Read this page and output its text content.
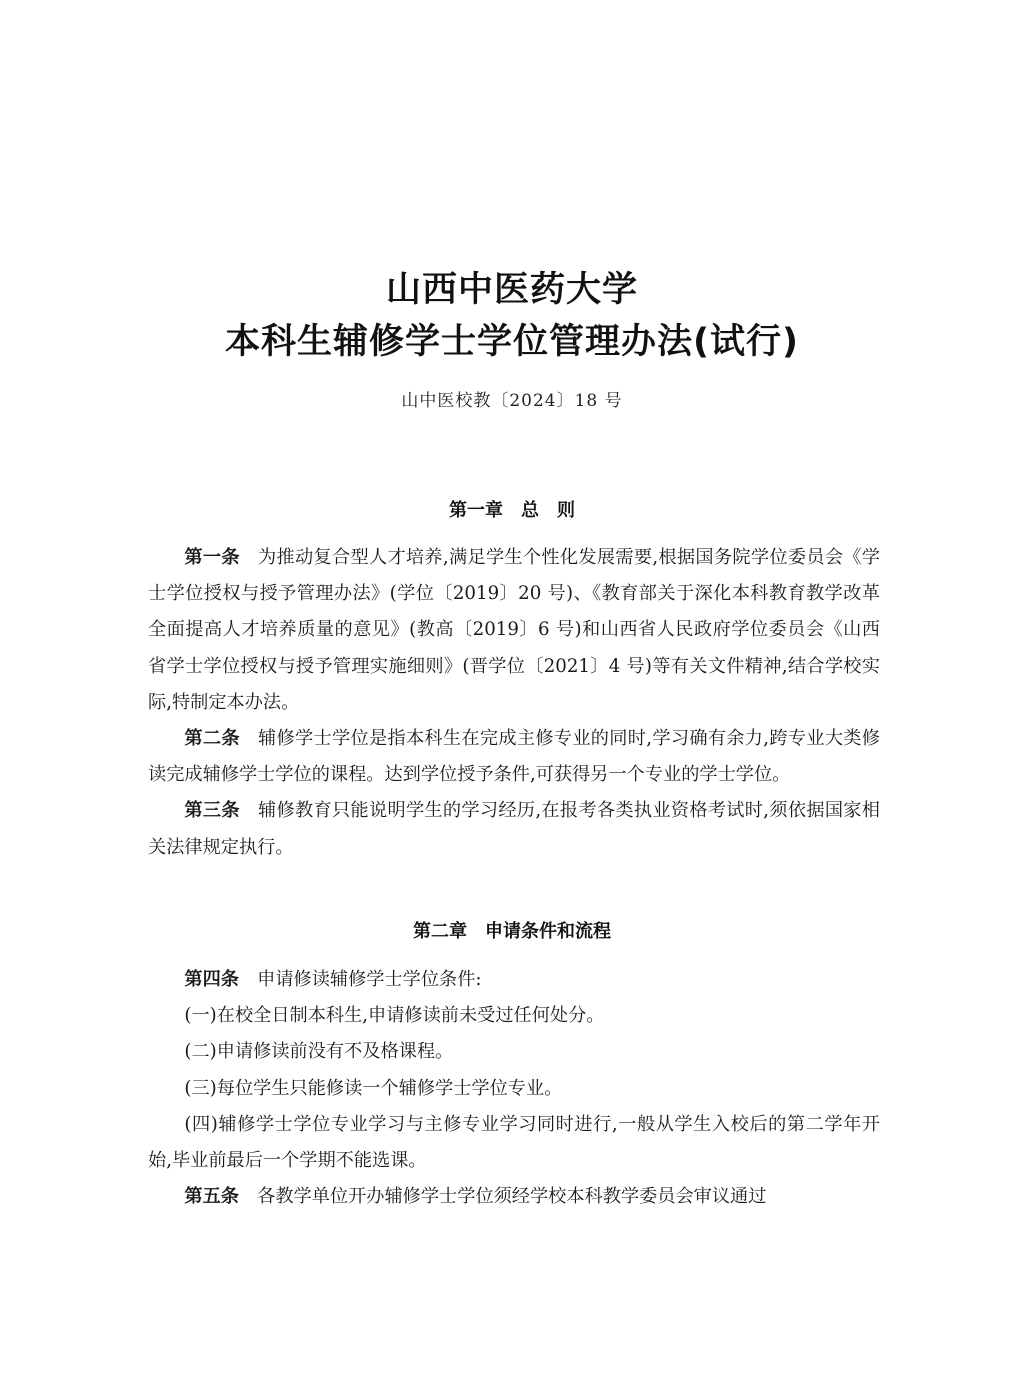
山西中医药大学
本科生辅修学士学位管理办法(试行)
山中医校教〔2024〕18 号
第一章　总　则

第一条 为推动复合型人才培养,满足学生个性化发展需要,根据国务院学位委员会《学士学位授权与授予管理办法》(学位〔2019〕20 号)、《教育部关于深化本科教育教学改革全面提高人才培养质量的意见》(教高〔2019〕6 号)和山西省人民政府学位委员会《山西省学士学位授权与授予管理实施细则》(晋学位〔2021〕4 号)等有关文件精神,结合学校实际,特制定本办法。

第二条 辅修学士学位是指本科生在完成主修专业的同时,学习确有余力,跨专业大类修读完成辅修学士学位的课程。达到学位授予条件,可获得另一个专业的学士学位。

第三条 辅修教育只能说明学生的学习经历,在报考各类执业资格考试时,须依据国家相关法律规定执行。

第二章　申请条件和流程

第四条 申请修读辅修学士学位条件:

(一)在校全日制本科生,申请修读前未受过任何处分。

(二)申请修读前没有不及格课程。

(三)每位学生只能修读一个辅修学士学位专业。

(四)辅修学士学位专业学习与主修专业学习同时进行,一般从学生入校后的第二学年开始,毕业前最后一个学期不能选课。

第五条 各教学单位开办辅修学士学位须经学校本科教学委员会审议通过
